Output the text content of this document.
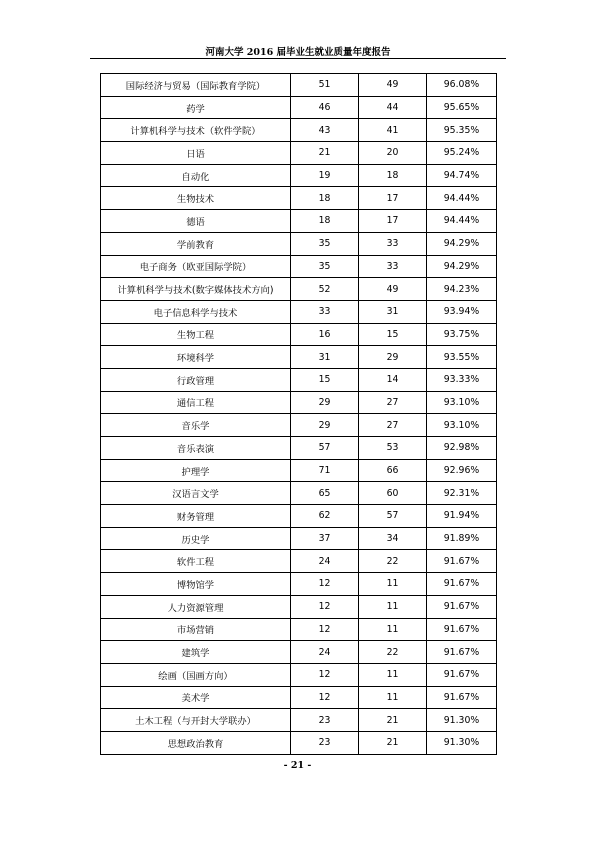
河南大学 2016 届毕业生就业质量年度报告
国际经济与贸易（国际教育学院）	51	49	96.08%
药学	46	44	95.65%
计算机科学与技术（软件学院）	43	41	95.35%
日语	21	20	95.24%
自动化	19	18	94.74%
生物技术	18	17	94.44%
德语	18	17	94.44%
学前教育	35	33	94.29%
电子商务（欧亚国际学院）	35	33	94.29%
计算机科学与技术(数字媒体技术方向)	52	49	94.23%
电子信息科学与技术	33	31	93.94%
生物工程	16	15	93.75%
环境科学	31	29	93.55%
行政管理	15	14	93.33%
通信工程	29	27	93.10%
音乐学	29	27	93.10%
音乐表演	57	53	92.98%
护理学	71	66	92.96%
汉语言文学	65	60	92.31%
财务管理	62	57	91.94%
历史学	37	34	91.89%
软件工程	24	22	91.67%
博物馆学	12	11	91.67%
人力资源管理	12	11	91.67%
市场营销	12	11	91.67%
建筑学	24	22	91.67%
绘画（国画方向）	12	11	91.67%
美术学	12	11	91.67%
土木工程（与开封大学联办）	23	21	91.30%
思想政治教育	23	21	91.30%
- 21 -
